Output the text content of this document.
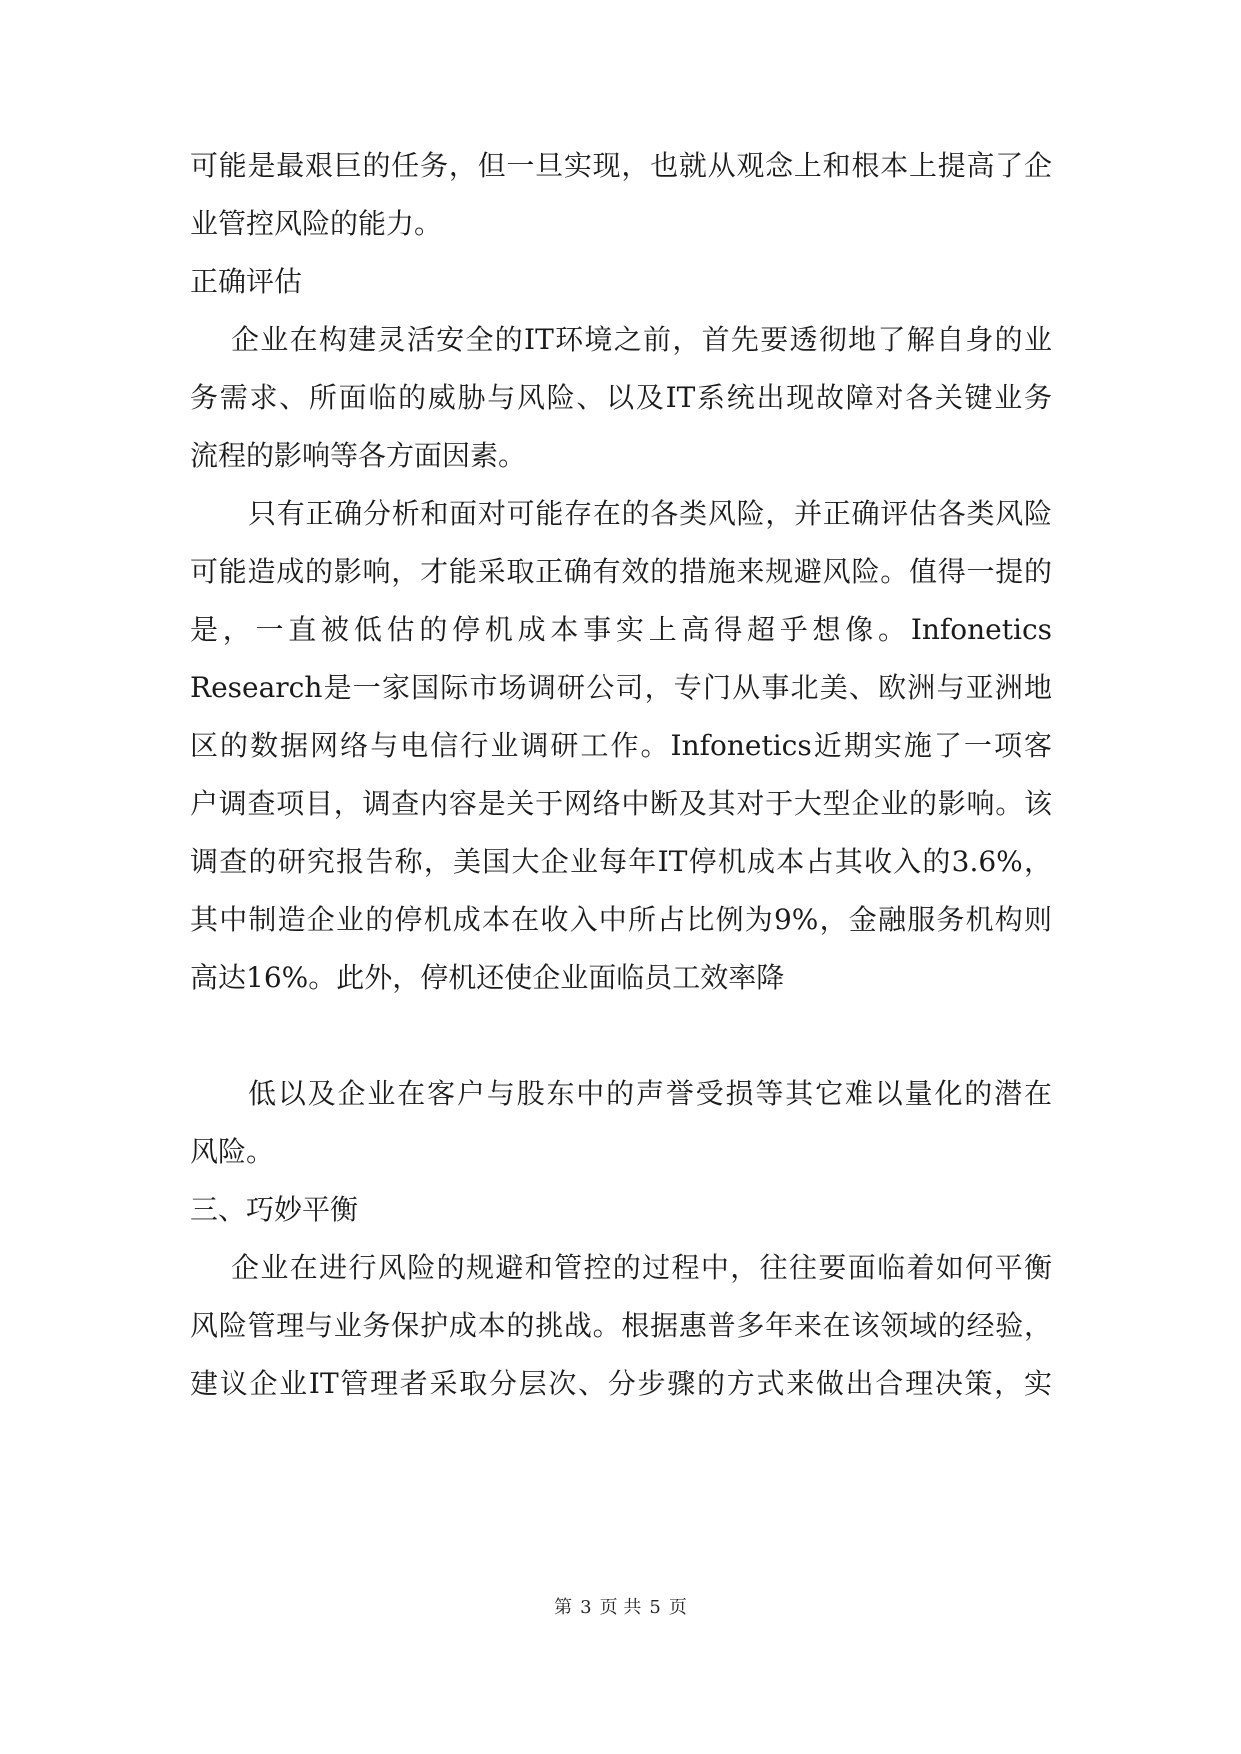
可能是最艰巨的任务，但一旦实现，也就从观念上和根本上提高了企
业管控风险的能力。
正确评估
企业在构建灵活安全的IT环境之前，首先要透彻地了解自身的业
务需求、所面临的威胁与风险、以及IT系统出现故障对各关键业务
流程的影响等各方面因素。
只有正确分析和面对可能存在的各类风险，并正确评估各类风险
可能造成的影响，才能采取正确有效的措施来规避风险。值得一提的
是，一直被低估的停机成本事实上高得超乎想像。Infonetics
Research是一家国际市场调研公司，专门从事北美、欧洲与亚洲地
区的数据网络与电信行业调研工作。Infonetics近期实施了一项客
户调查项目，调查内容是关于网络中断及其对于大型企业的影响。该
调查的研究报告称，美国大企业每年IT停机成本占其收入的3.6%，
其中制造企业的停机成本在收入中所占比例为9%，金融服务机构则
高达16%。此外，停机还使企业面临员工效率降
低以及企业在客户与股东中的声誉受损等其它难以量化的潜在
风险。
三、巧妙平衡
企业在进行风险的规避和管控的过程中，往往要面临着如何平衡
风险管理与业务保护成本的挑战。根据惠普多年来在该领域的经验，
建议企业IT管理者采取分层次、分步骤的方式来做出合理决策，实
第 3 页 共 5 页
